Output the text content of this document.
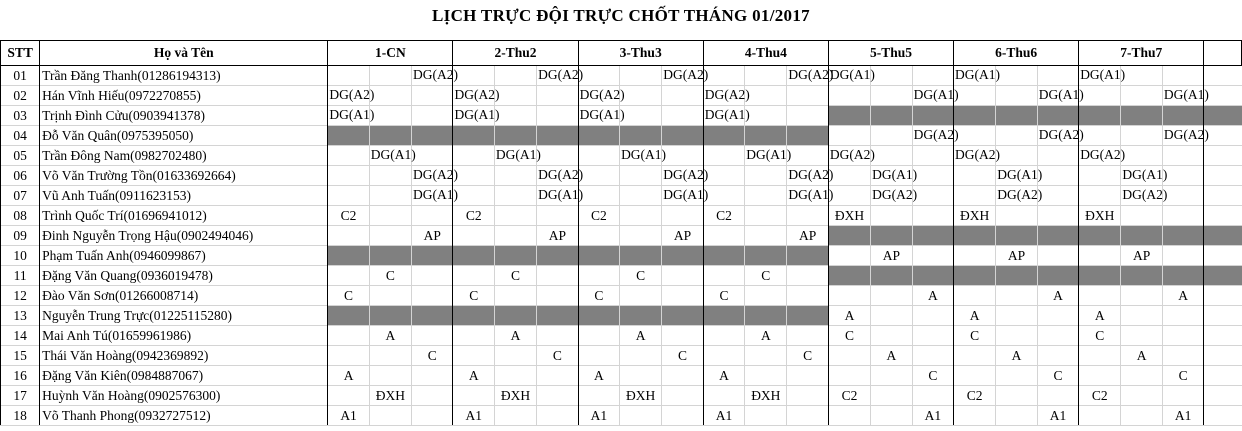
LỊCH TRỰC ĐỘI TRỰC CHỐT THÁNG 01/2017
STT	Họ và Tên	1-CN			2-Thu2			3-Thu3			4-Thu4			5-Thu5			6-Thu6			7-Thu7			
01	Trần Đăng Thanh(01286194313)			DG(A2)			DG(A2)			DG(A2)			DG(A2)	DG(A1)			DG(A1)			DG(A1)			

02	Hán Vĩnh Hiếu(0972270855)	DG(A2)			DG(A2)			DG(A2)			DG(A2)					DG(A1)			DG(A1)			DG(A1)	

03	Trịnh Đình Cửu(0903941378)	DG(A1)			DG(A1)			DG(A1)			DG(A1)												

04	Đỗ Văn Quân(0975395050)															DG(A2)			DG(A2)			DG(A2)	

05	Trần Đông Nam(0982702480)		DG(A1)			DG(A1)			DG(A1)			DG(A1)		DG(A2)			DG(A2)			DG(A2)			

06	Võ Văn Trường Tồn(01633692664)			DG(A2)			DG(A2)			DG(A2)			DG(A2)		DG(A1)			DG(A1)			DG(A1)		

07	Vũ Anh Tuấn(0911623153)			DG(A1)			DG(A1)			DG(A1)			DG(A1)		DG(A2)			DG(A2)			DG(A2)		

08	Trình Quốc Trí(01696941012)	C2			C2			C2			C2			ĐXH			ĐXH			ĐXH			
09	Đinh Nguyễn Trọng Hậu(0902494046)			AP			AP			AP			AP										
10	Phạm Tuấn Anh(0946099867)														AP			AP			AP		
11	Đặng Văn Quang(0936019478)		C			C			C			C											
12	Đào Văn Sơn(01266008714)	C			C			C			C					A			A			A	
13	Nguyễn Trung Trực(01225115280)													A			A			A			
14	Mai Anh Tú(01659961986)		A			A			A			A		C			C			C			
15	Thái Văn Hoàng(0942369892)			C			C			C			C		A			A			A		
16	Đặng Văn Kiên(0984887067)	A			A			A			A					C			C			C	
17	Huỳnh Văn Hoàng(0902576300)		ĐXH			ĐXH			ĐXH			ĐXH		C2			C2			C2			
18	Võ Thanh Phong(0932727512)	A1			A1			A1			A1					A1			A1			A1	
